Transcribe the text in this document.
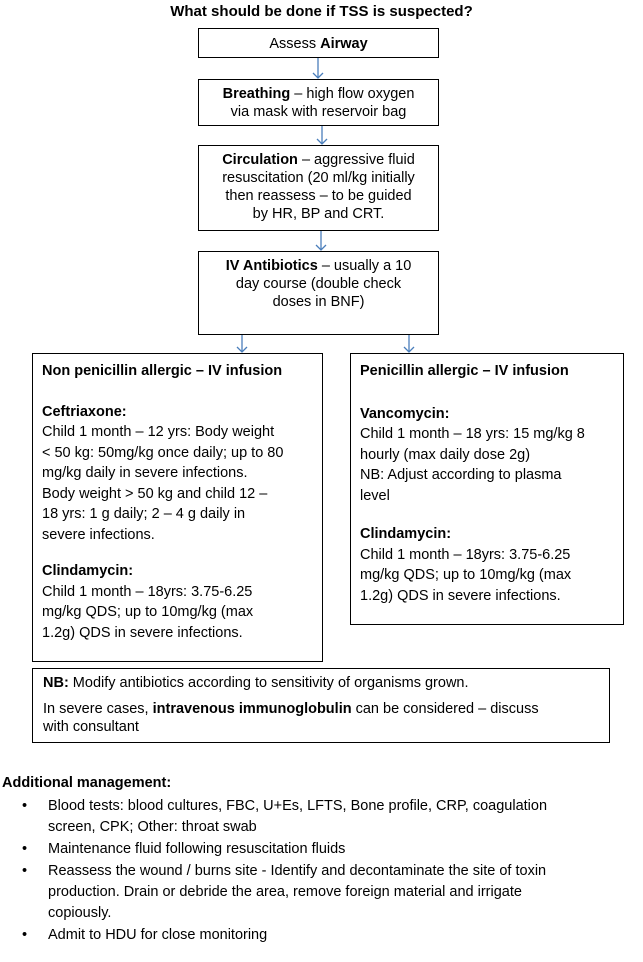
What should be done if TSS is suspected?
Assess Airway
Breathing – high flow oxygen
via mask with reservoir bag
Circulation – aggressive fluid
resuscitation (20 ml/kg initially
then reassess – to be guided
by HR, BP and CRT.
IV Antibiotics – usually a 10
day course (double check
doses in BNF)
Non penicillin allergic – IV infusion
Ceftriaxone:
Child 1 month – 12 yrs: Body weight
< 50 kg: 50mg/kg once daily; up to 80
mg/kg daily in severe infections.
Body weight > 50 kg and child 12 –
18 yrs: 1 g daily; 2 – 4 g daily in
severe infections.
Clindamycin:
Child 1 month – 18yrs: 3.75-6.25
mg/kg QDS; up to 10mg/kg (max
1.2g) QDS in severe infections.
Penicillin allergic – IV infusion
Vancomycin:
Child 1 month – 18 yrs: 15 mg/kg 8
hourly (max daily dose 2g)
NB: Adjust according to plasma
level
Clindamycin:
Child 1 month – 18yrs: 3.75-6.25
mg/kg QDS; up to 10mg/kg (max
1.2g) QDS in severe infections.

NB: Modify antibiotics according to sensitivity of organisms grown.

In severe cases, intravenous immunoglobulin can be considered – discuss
with consultant

Additional management:
• Blood tests: blood cultures, FBC, U+Es, LFTS, Bone profile, CRP, coagulation
screen, CPK; Other: throat swab
• Maintenance fluid following resuscitation fluids
• Reassess the wound / burns site - Identify and decontaminate the site of toxin
production. Drain or debride the area, remove foreign material and irrigate
copiously.
• Admit to HDU for close monitoring
